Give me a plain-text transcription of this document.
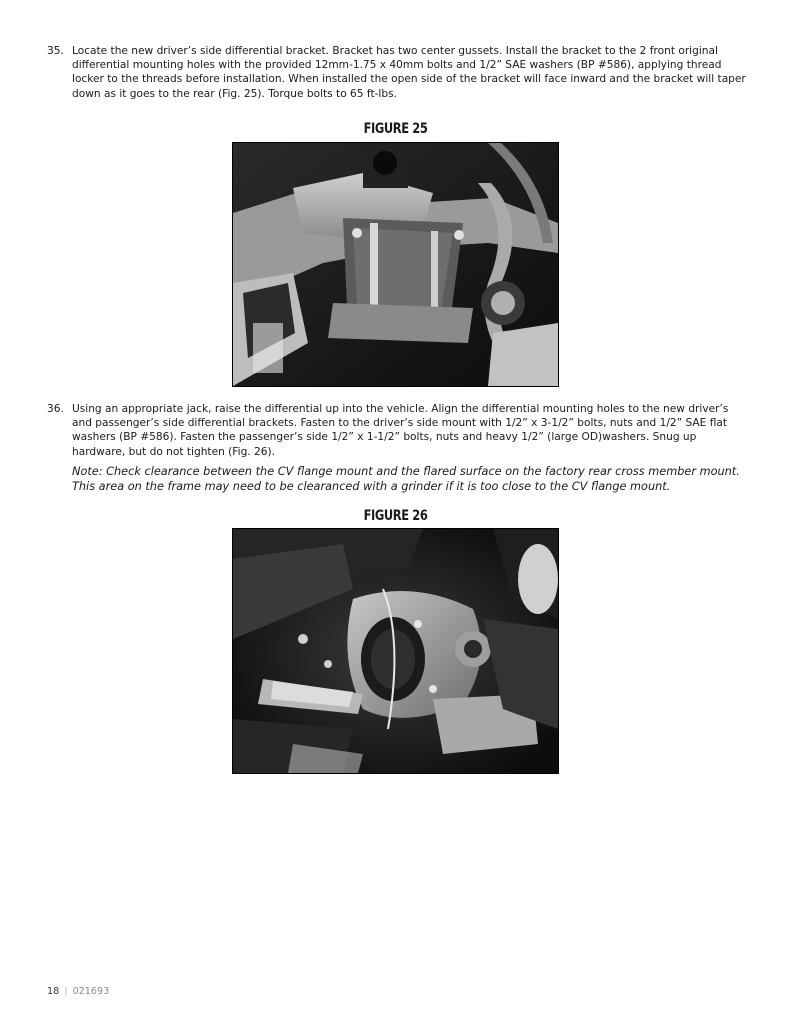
35. Locate the new driver’s side differential bracket. Bracket has two center gussets. Install the bracket to the 2 front original differential mounting holes with the provided 12mm-1.75 x 40mm bolts and 1/2” SAE washers (BP #586), applying thread locker to the threads before installation. When installed the open side of the bracket will face inward and the bracket will taper down as it goes to the rear (Fig. 25). Torque bolts to 65 ft-lbs.
FIGURE 25
36. Using an appropriate jack, raise the differential up into the vehicle. Align the differential mounting holes to the new driver’s and passenger’s side differential brackets. Fasten to the driver’s side mount with 1/2” x 3-1/2” bolts, nuts and 1/2” SAE flat washers (BP #586). Fasten the passenger’s side 1/2” x 1-1/2” bolts, nuts and heavy 1/2” (large OD)washers. Snug up hardware, but do not tighten (Fig. 26).
Note: Check clearance between the CV flange mount and the flared surface on the factory rear cross member mount. This area on the frame may need to be clearanced with a grinder if it is too close to the CV flange mount.
FIGURE 26
18 | 021693
